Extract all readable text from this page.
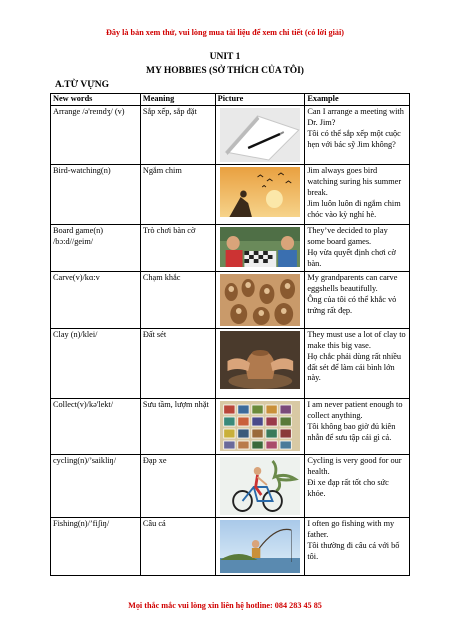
Đây là bản xem thử, vui lòng mua tài liệu để xem chi tiết (có lời giải)
UNIT 1
MY HOBBIES (SỞ THÍCH CỦA TÔI)
A.TỪ VỰNG
New words	Meaning	Picture	Example
Arrange /ə'reɪndʒ/ (v)	Sắp xếp, sắp đặt		Can I arrange a meeting with Dr. Jim?
Tôi có thể sắp xếp một cuộc hẹn với bác sỹ Jim không?

Bird-watching(n)	Ngắm chim		Jim always goes bird watching suring his summer break.
Jim luôn luôn đi ngắm chim chóc vào kỳ nghỉ hè.

Board game(n) /bɔ:d//geim/	Trò chơi bàn cờ		They’ve decided to play some board games.
Họ vừa quyết định chơi cờ bàn.

Carve(v)/kɑ:v	Chạm khắc		My grandparents can carve eggshells beautifully.
Ông của tôi có thể khắc vỏ trứng rất đẹp.

Clay (n)/klei/	Đất sét		They must use a lot of clay to make this big vase.
Họ chắc phải dùng rất nhiều đất sét để làm cái bình lớn này.

Collect(v)/kə'lekt/	Sưu tầm, lượm nhặt		I am never patient enough to collect anything.
Tôi không bao giờ đủ kiên nhẫn để sưu tập cái gì cả.

cycling(n)/’saikliŋ/	Đạp xe		Cycling is very good for our health.
Đi xe đạp rất tốt cho sức khỏe.

Fishing(n)/’fiʃiŋ/	Câu cá		I often go fishing with my father.
Tôi thường đi câu cá với bố tôi.
Mọi thắc mắc vui lòng xin liên hệ hotline: 084 283 45 85
